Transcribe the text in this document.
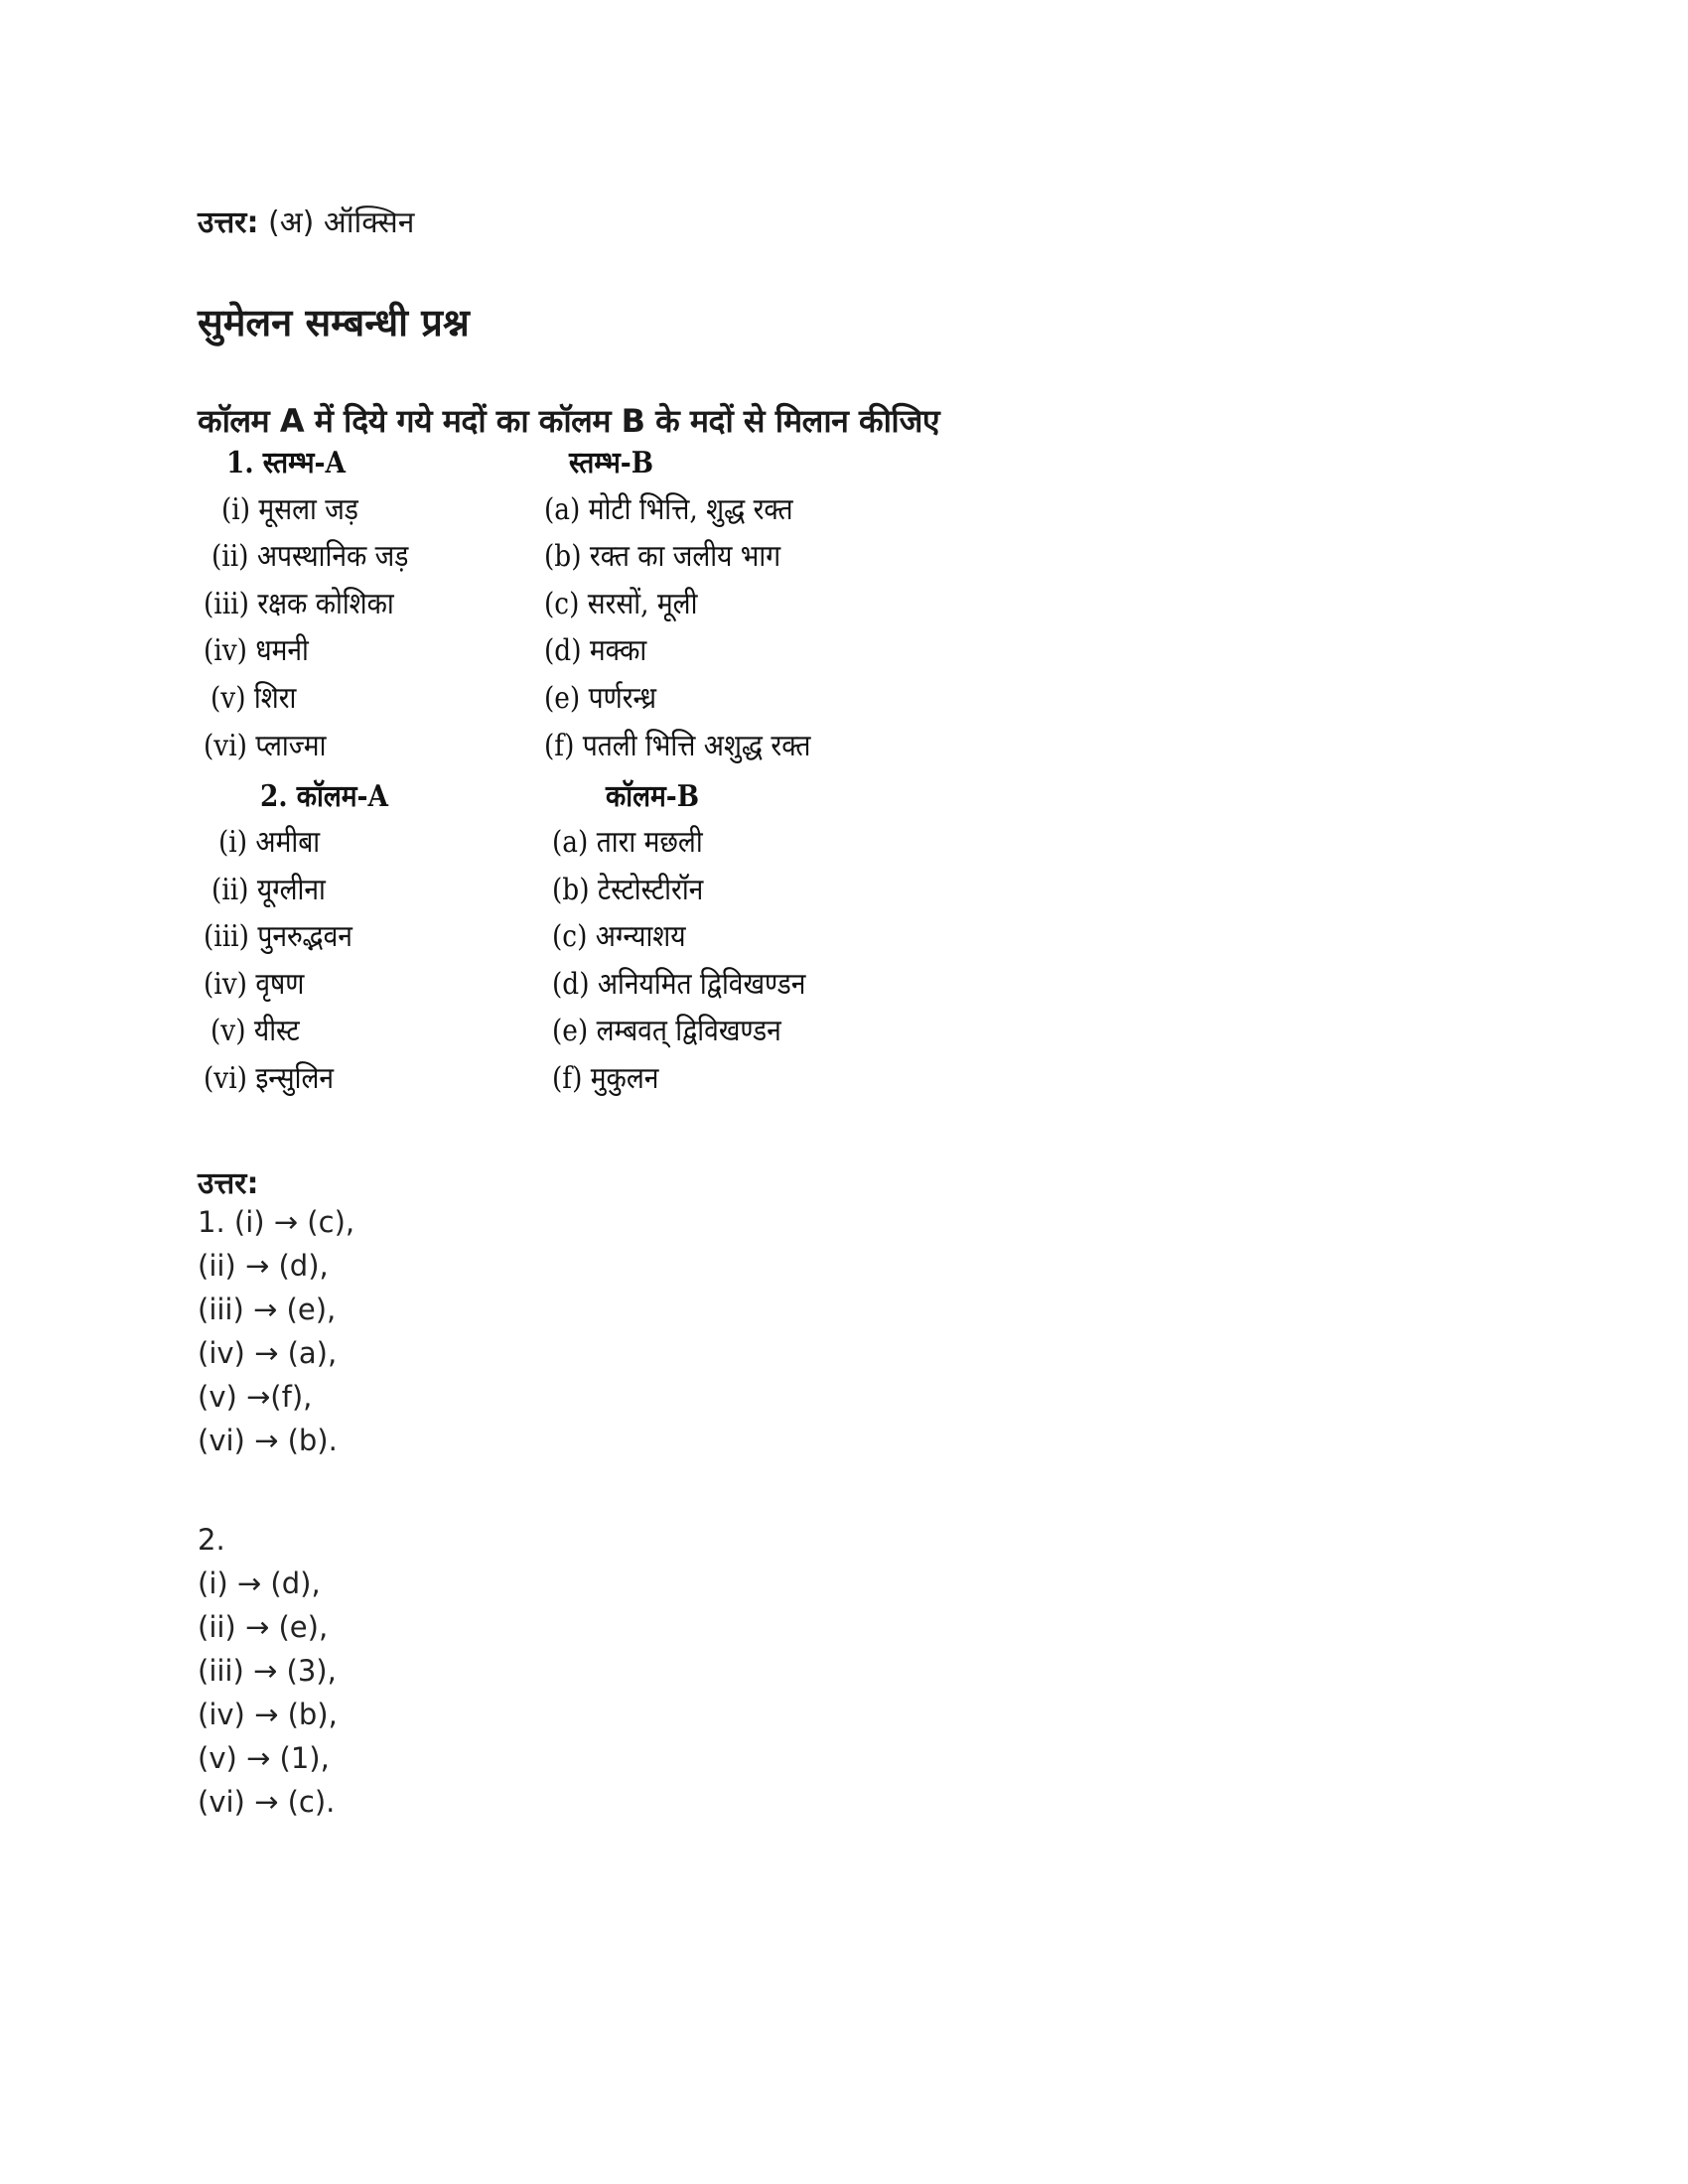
उत्तर: (अ) ऑक्सिन
सुमेलन सम्बन्धी प्रश्न
कॉलम A में दिये गये मदों का कॉलम B के मदों से मिलान कीजिए
1. स्तम्भ-A	स्तम्भ-B
(i) मूसला जड़
(ii) अपस्थानिक जड़
(iii) रक्षक कोशिका
(iv) धमनी
(v) शिरा
(vi) प्लाज्मा
(a) मोटी भित्ति, शुद्ध रक्त
(b) रक्त का जलीय भाग
(c) सरसों, मूली
(d) मक्का
(e) पर्णरन्ध्र
(f) पतली भित्ति अशुद्ध रक्त
2. कॉलम-A	कॉलम-B
(i) अमीबा
(ii) यूग्लीना
(iii) पुनरुद्भवन
(iv) वृषण
(v) यीस्ट
(vi) इन्सुलिन
(a) तारा मछली
(b) टेस्टोस्टीरॉन
(c) अग्न्याशय
(d) अनियमित द्विविखण्डन
(e) लम्बवत् द्विविखण्डन
(f) मुकुलन
उत्तर:
1. (i) → (c),
(ii) → (d),
(iii) → (e),
(iv) → (a),
(v) →(f),
(vi) → (b).
2.
(i) → (d),
(ii) → (e),
(iii) → (3),
(iv) → (b),
(v) → (1),
(vi) → (c).
